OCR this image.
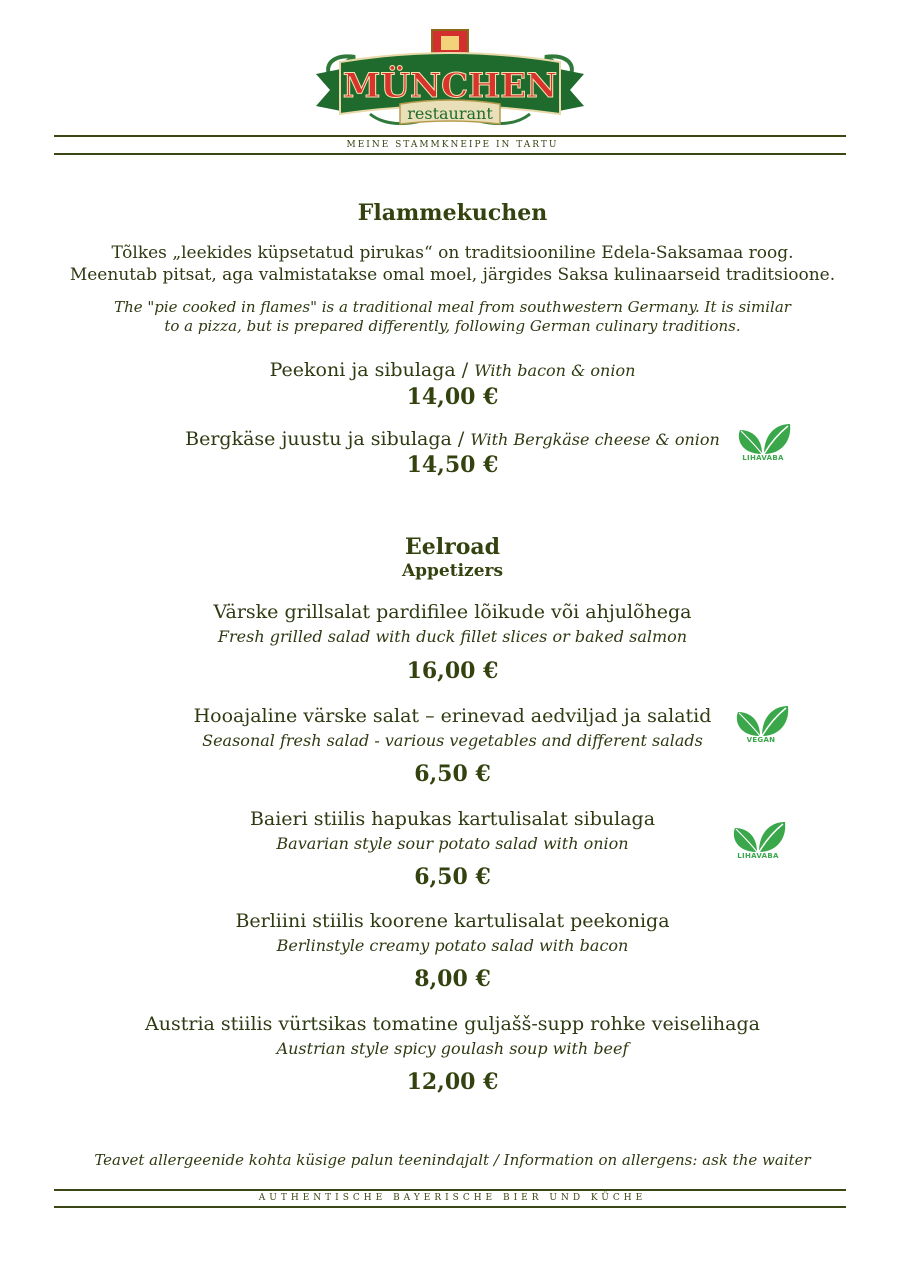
MÜNCHEN
restaurant
MEINE STAMMKNEIPE IN TARTU
Flammekuchen
Tõlkes „leekides küpsetatud pirukas“ on traditsiooniline Edela-Saksamaa roog.
Meenutab pitsat, aga valmistatakse omal moel, järgides Saksa kulinaarseid traditsioone.
The "pie cooked in flames" is a traditional meal from southwestern Germany. It is similar
to a pizza, but is prepared differently, following German culinary traditions.
Peekoni ja sibulaga / With bacon & onion
14,00 €
Bergkäse juustu ja sibulaga / With Bergkäse cheese & onion
14,50 €	LIHAVABA
Eelroad
Appetizers
Värske grillsalat pardifilee lõikude või ahjulõhega
Fresh grilled salad with duck fillet slices or baked salmon
16,00 €
Hooajaline värske salat – erinevad aedviljad ja salatid
Seasonal fresh salad - various vegetables and different salads
6,50 €
VEGAN
Baieri stiilis hapukas kartulisalat sibulaga
Bavarian style sour potato salad with onion
6,50 €
LIHAVABA
Berliini stiilis koorene kartulisalat peekoniga
Berlinstyle creamy potato salad with bacon
8,00 €
Austria stiilis vürtsikas tomatine guljašš-supp rohke veiselihaga
Austrian style spicy goulash soup with beef
12,00 €
Teavet allergeenide kohta küsige palun teenindajalt / Information on allergens: ask the waiter
AUTHENTISCHE BAYERISCHE BIER UND KÜCHE
